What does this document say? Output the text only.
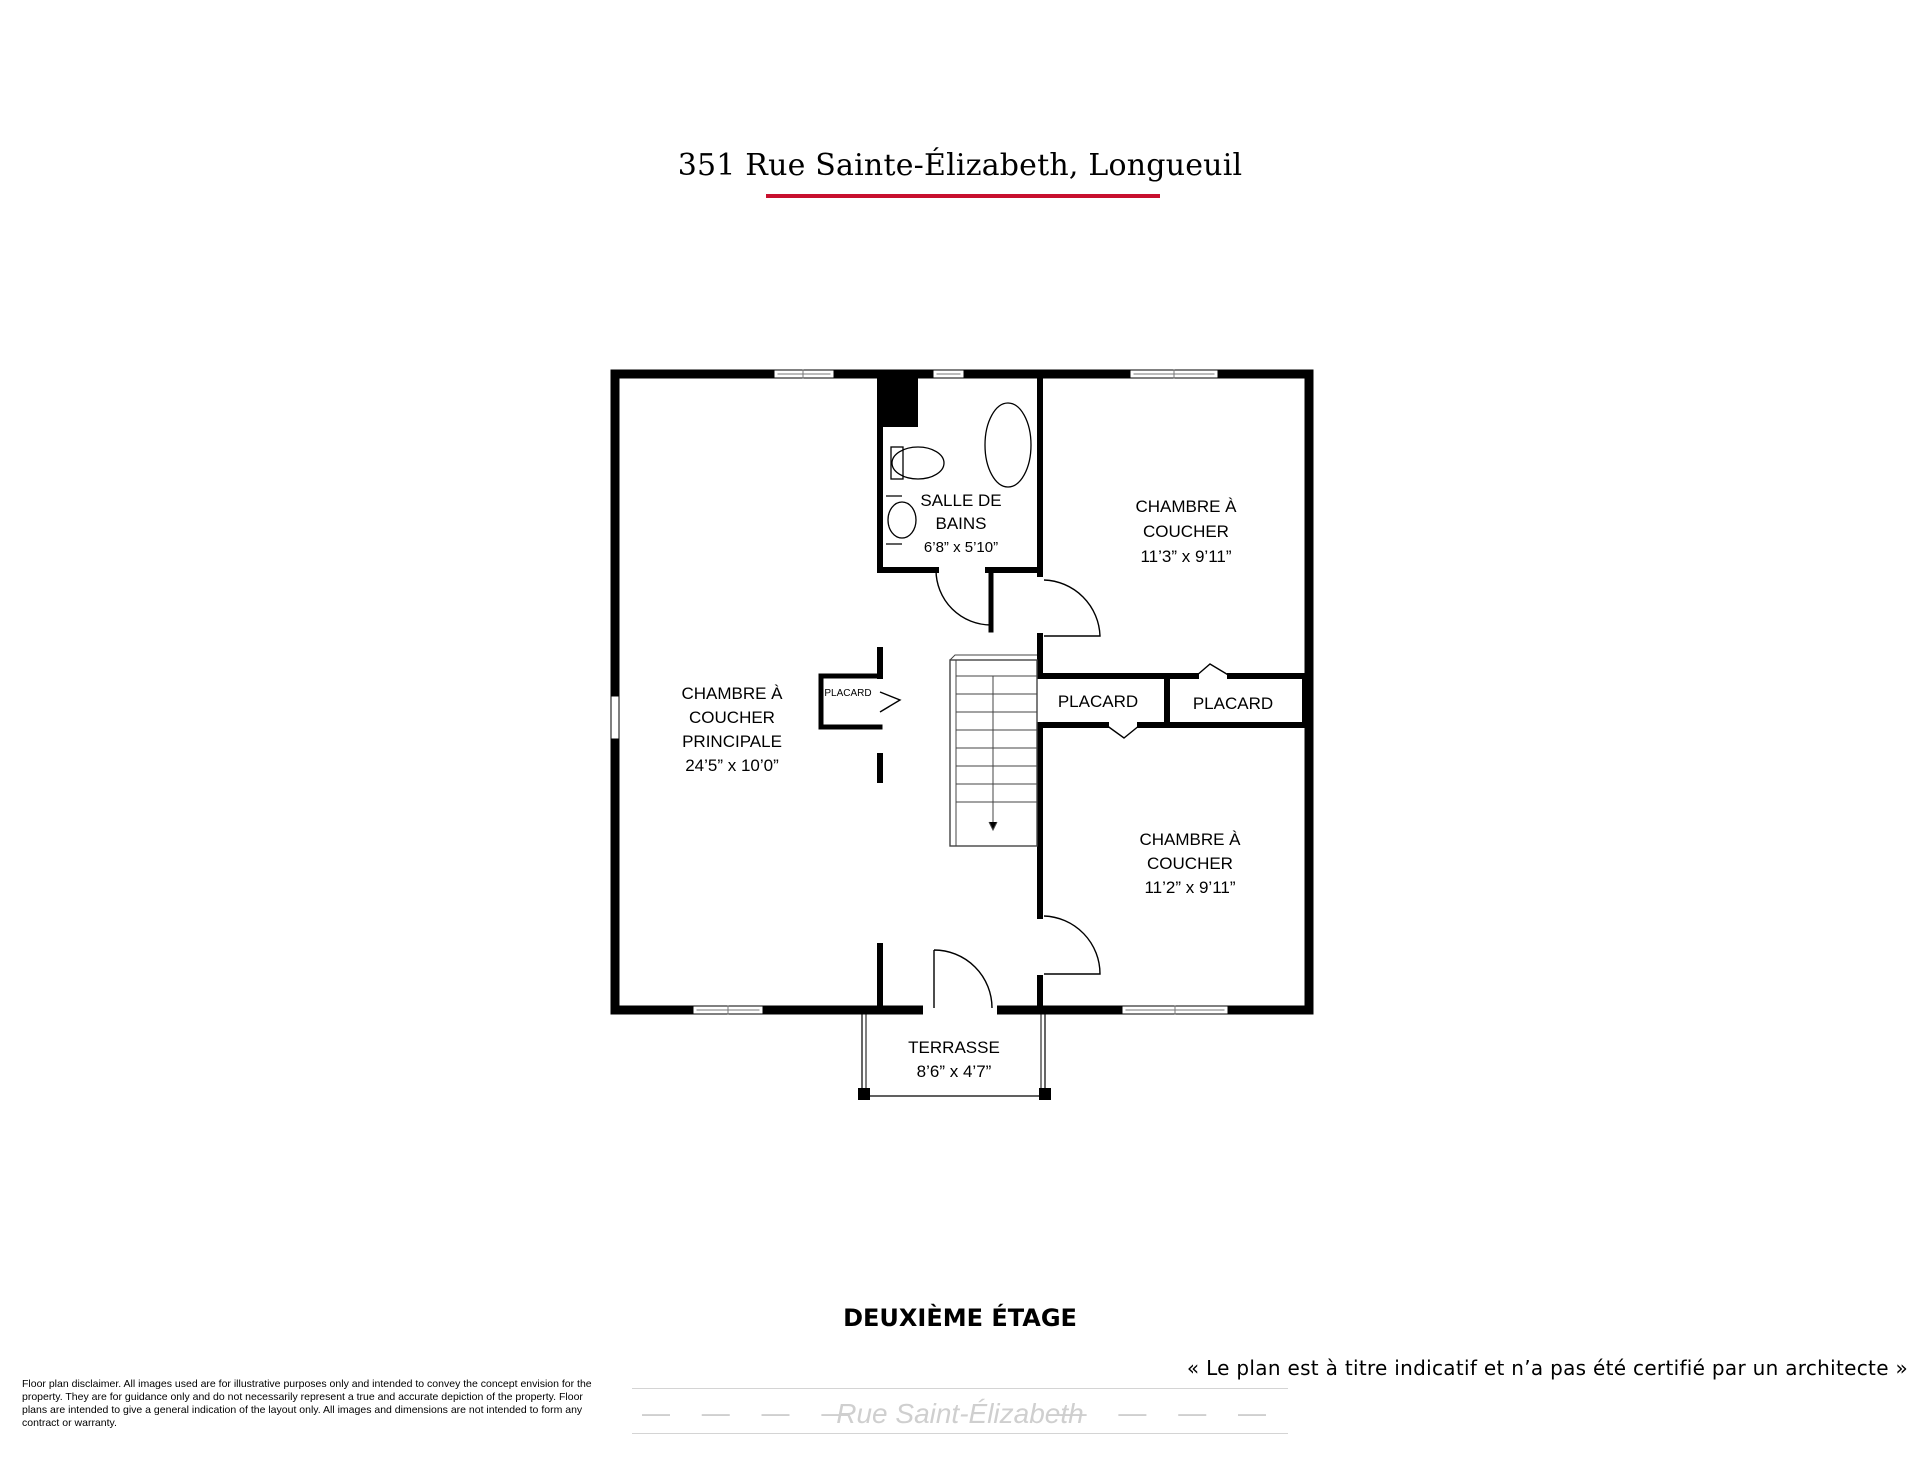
351 Rue Sainte-Élizabeth, Longueuil
CHAMBRE À
COUCHER
PRINCIPALE
24’5” x 10’0”
SALLE DE
BAINS
6’8” x 5’10”
CHAMBRE À
COUCHER
11’3” x 9’11”
CHAMBRE À
COUCHER
11’2” x 9’11”
TERRASSE
8’6” x 4’7”
PLACARD	PLACARD	PLACARD
DEUXIÈME ÉTAGE
« Le plan est à titre indicatif et n’a pas été certifié par un architecte »
Floor plan disclaimer. All images used are for illustrative purposes only and intended to convey the concept envision for the property. They are for guidance only and do not necessarily represent a true and accurate depiction of the property. Floor plans are intended to give a general indication of the layout only. All images and dimensions are not intended to form any contract or warranty.	— — — —
Rue Saint-Élizabeth
— — — —
